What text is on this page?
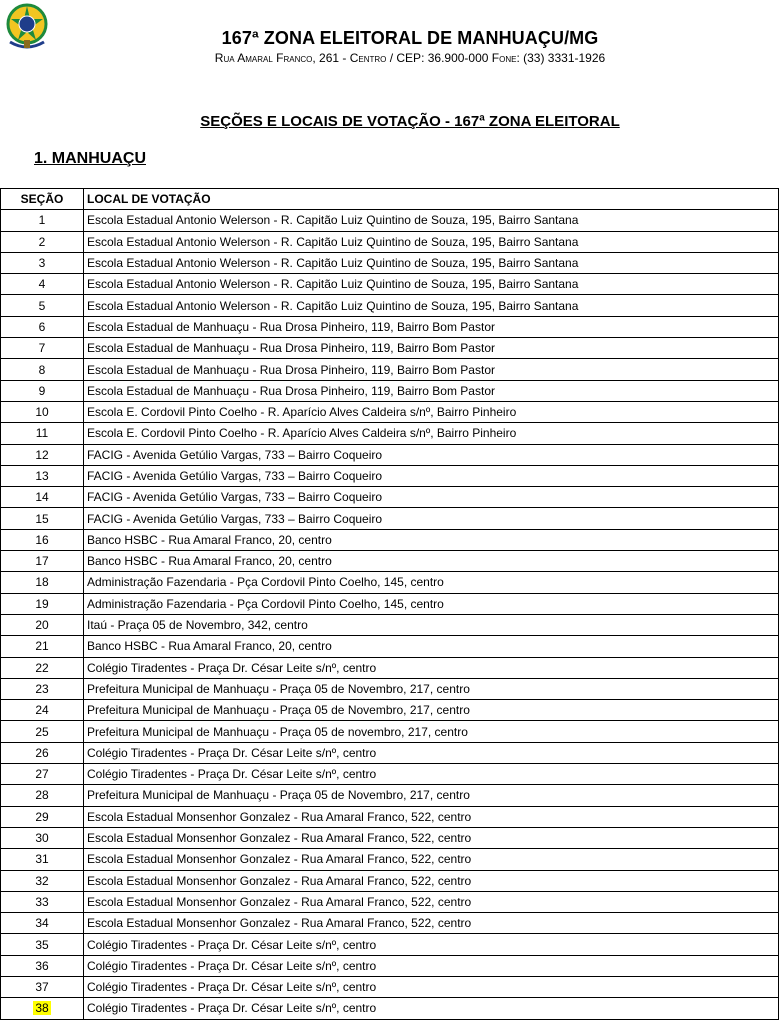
167ª ZONA ELEITORAL DE MANHUAÇU/MG
Rua Amaral Franco, 261 - Centro / CEP: 36.900-000 Fone: (33) 3331-1926
SEÇÕES E LOCAIS DE VOTAÇÃO - 167ª ZONA ELEITORAL
1. MANHUAÇU
SEÇÃO	LOCAL DE VOTAÇÃO
1	Escola Estadual Antonio Welerson - R. Capitão Luiz Quintino de Souza, 195, Bairro Santana
2	Escola Estadual Antonio Welerson - R. Capitão Luiz Quintino de Souza, 195, Bairro Santana
3	Escola Estadual Antonio Welerson - R. Capitão Luiz Quintino de Souza, 195, Bairro Santana
4	Escola Estadual Antonio Welerson - R. Capitão Luiz Quintino de Souza, 195, Bairro Santana
5	Escola Estadual Antonio Welerson - R. Capitão Luiz Quintino de Souza, 195, Bairro Santana
6	Escola Estadual de Manhuaçu - Rua Drosa Pinheiro, 119, Bairro Bom Pastor
7	Escola Estadual de Manhuaçu - Rua Drosa Pinheiro, 119, Bairro Bom Pastor
8	Escola Estadual de Manhuaçu - Rua Drosa Pinheiro, 119, Bairro Bom Pastor
9	Escola Estadual de Manhuaçu - Rua Drosa Pinheiro, 119, Bairro Bom Pastor
10	Escola E. Cordovil Pinto Coelho - R. Aparício Alves Caldeira s/nº, Bairro Pinheiro
11	Escola E. Cordovil Pinto Coelho - R. Aparício Alves Caldeira s/nº, Bairro Pinheiro
12	FACIG - Avenida Getúlio Vargas, 733 – Bairro Coqueiro
13	FACIG - Avenida Getúlio Vargas, 733 – Bairro Coqueiro
14	FACIG - Avenida Getúlio Vargas, 733 – Bairro Coqueiro
15	FACIG - Avenida Getúlio Vargas, 733 – Bairro Coqueiro
16	Banco HSBC - Rua Amaral Franco, 20, centro
17	Banco HSBC - Rua Amaral Franco, 20, centro
18	Administração Fazendaria - Pça Cordovil Pinto Coelho, 145, centro
19	Administração Fazendaria - Pça Cordovil Pinto Coelho, 145, centro
20	Itaú - Praça 05 de Novembro, 342, centro
21	Banco HSBC - Rua Amaral Franco, 20, centro
22	Colégio Tiradentes - Praça Dr. César Leite s/nº, centro
23	Prefeitura Municipal de Manhuaçu - Praça 05 de Novembro, 217, centro
24	Prefeitura Municipal de Manhuaçu - Praça 05 de Novembro, 217, centro
25	Prefeitura Municipal de Manhuaçu - Praça 05 de novembro, 217, centro
26	Colégio Tiradentes - Praça Dr. César Leite s/nº, centro
27	Colégio Tiradentes - Praça Dr. César Leite s/nº, centro
28	Prefeitura Municipal de Manhuaçu - Praça 05 de Novembro, 217, centro
29	Escola Estadual Monsenhor Gonzalez - Rua Amaral Franco, 522, centro
30	Escola Estadual Monsenhor Gonzalez - Rua Amaral Franco, 522, centro
31	Escola Estadual Monsenhor Gonzalez - Rua Amaral Franco, 522, centro
32	Escola Estadual Monsenhor Gonzalez - Rua Amaral Franco, 522, centro
33	Escola Estadual Monsenhor Gonzalez - Rua Amaral Franco, 522, centro
34	Escola Estadual Monsenhor Gonzalez - Rua Amaral Franco, 522, centro
35	Colégio Tiradentes - Praça Dr. César Leite s/nº, centro
36	Colégio Tiradentes - Praça Dr. César Leite s/nº, centro
37	Colégio Tiradentes - Praça Dr. César Leite s/nº, centro
38	Colégio Tiradentes - Praça Dr. César Leite s/nº, centro
